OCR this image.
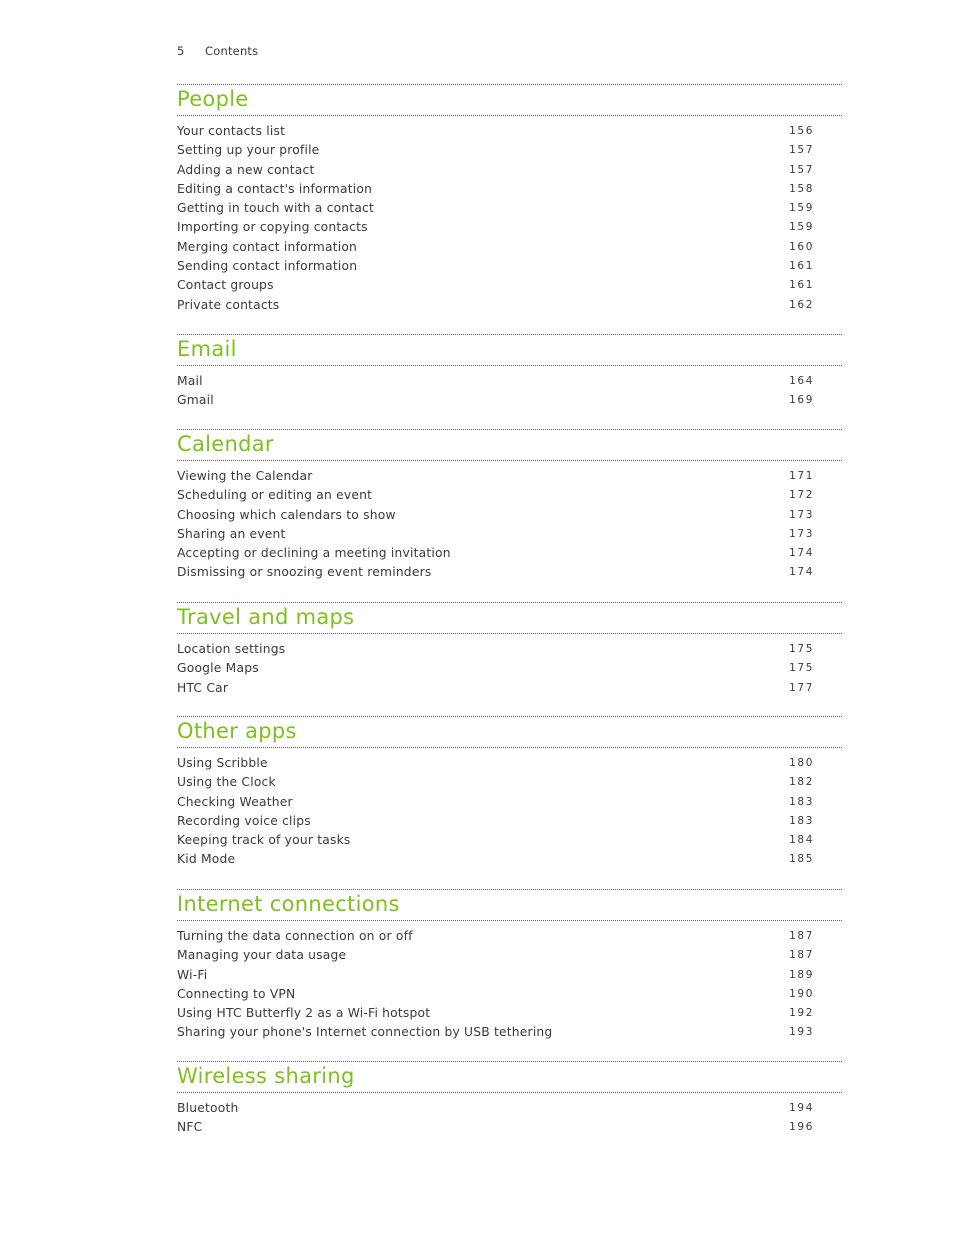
5 Contents
People
Your contacts list	156
Setting up your profile	157
Adding a new contact	157
Editing a contact's information	158
Getting in touch with a contact	159
Importing or copying contacts	159
Merging contact information	160
Sending contact information	161
Contact groups	161
Private contacts	162
Email
Mail	164
Gmail	169
Calendar
Viewing the Calendar	171
Scheduling or editing an event	172
Choosing which calendars to show	173
Sharing an event	173
Accepting or declining a meeting invitation	174
Dismissing or snoozing event reminders	174
Travel and maps
Location settings	175
Google Maps	175
HTC Car	177
Other apps
Using Scribble	180
Using the Clock	182
Checking Weather	183
Recording voice clips	183
Keeping track of your tasks	184
Kid Mode	185
Internet connections
Turning the data connection on or off	187
Managing your data usage	187
Wi-Fi	189
Connecting to VPN	190
Using HTC Butterfly 2 as a Wi-Fi hotspot	192
Sharing your phone's Internet connection by USB tethering	193
Wireless sharing
Bluetooth	194
NFC	196
